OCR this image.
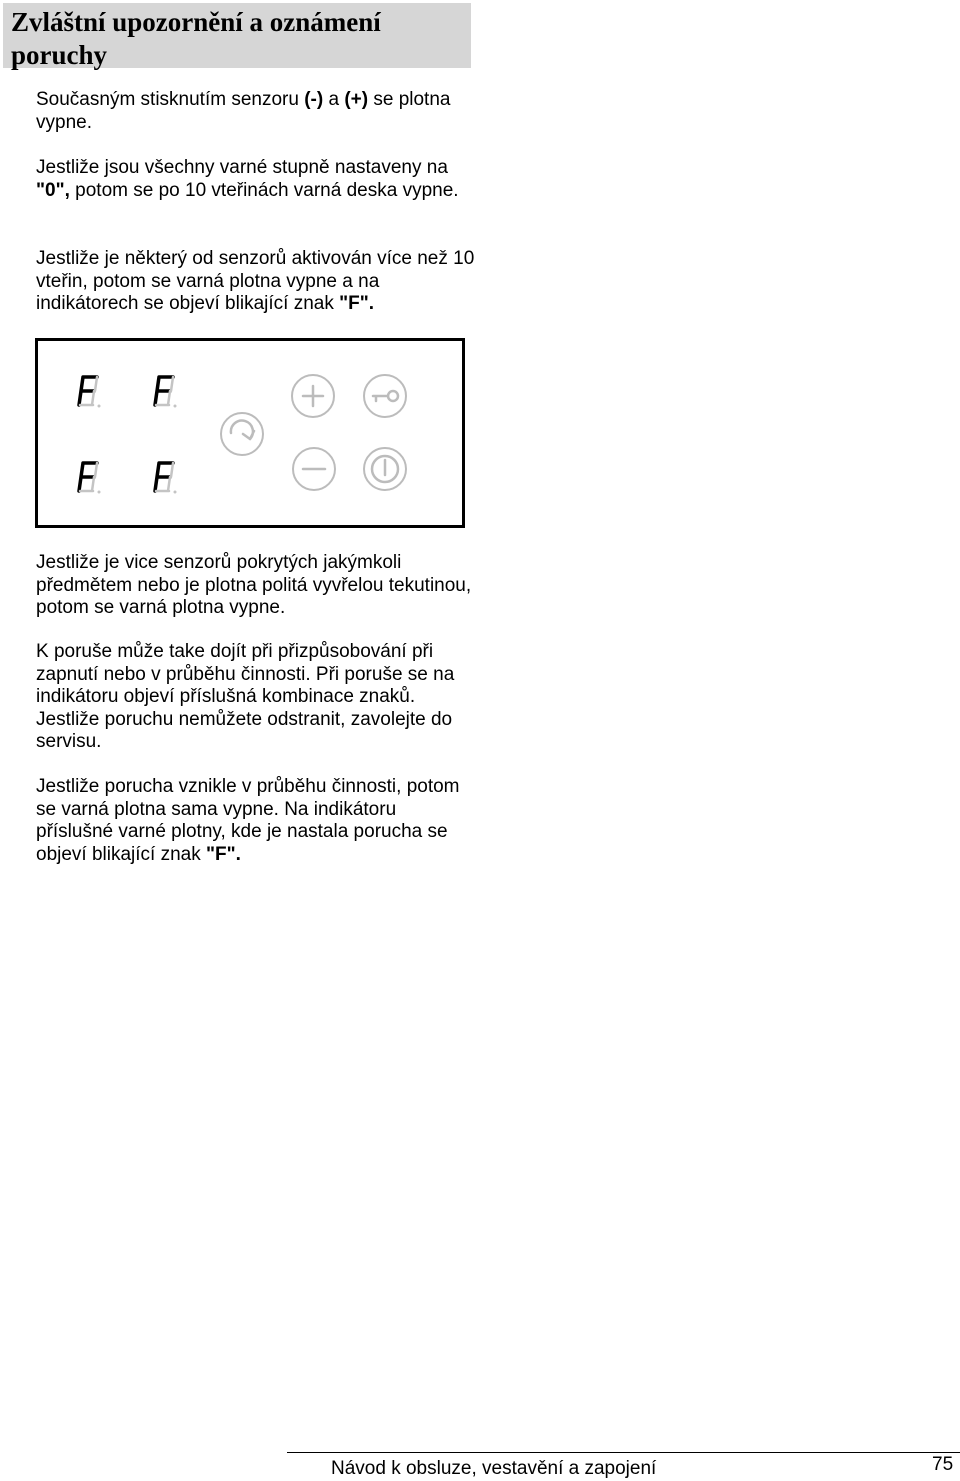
Zvláštní upozornění a oznámení poruchy

Současným stisknutím senzoru (-) a (+) se plotna vypne.

Jestliže jsou všechny varné stupně nastaveny na "0", potom se po 10 vteřinách varná deska vypne.

Jestliže je některý od senzorů aktivován více než 10 vteřin, potom se varná plotna vypne a na indikátorech se objeví blikající znak "F".

Jestliže je vice senzorů pokrytých jakýmkoli předmětem nebo je plotna politá vyvřelou tekutinou, potom se varná plotna vypne.

K poruše může take dojít při přizpůsobování při zapnutí nebo v průběhu činnosti. Při poruše se na indikátoru objeví příslušná kombinace znaků. Jestliže poruchu nemůžete odstranit, zavolejte do servisu.

Jestliže porucha vznikle v průběhu činnosti, potom se varná plotna sama vypne. Na indikátoru příslušné varné plotny, kde je nastala porucha se objeví blikající znak "F".

Návod k obsluze, vestavění a zapojení	75
